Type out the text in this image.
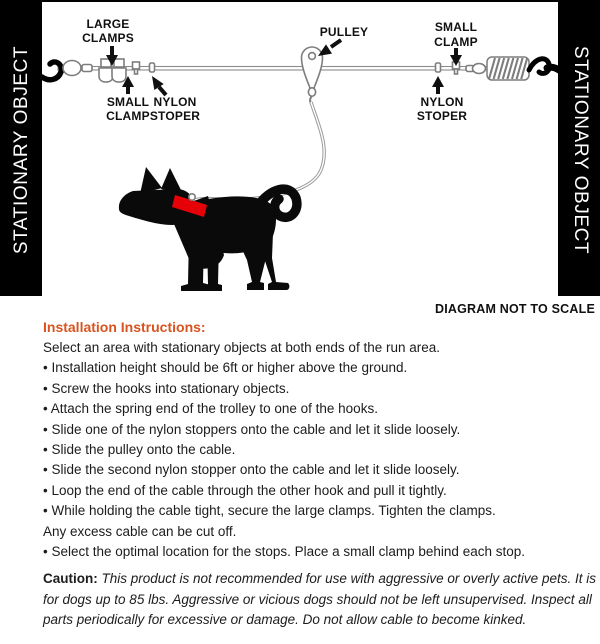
STATIONARY OBJECT	STATIONARY OBJECT
LARGE
CLAMPS
SMALL
CLAMP
NYLON
STOPER
PULLEY	SMALL
CLAMP
NYLON
STOPER
DIAGRAM NOT TO SCALE
Installation Instructions:
Select an area with stationary objects at both ends of the run area.
• Installation height should be 6ft or higher above the ground.
• Screw the hooks into stationary objects.
• Attach the spring end of the trolley to one of the hooks.
• Slide one of the nylon stoppers onto the cable and let it slide loosely.
• Slide the pulley onto the cable.
• Slide the second nylon stopper onto the cable and let it slide loosely.
• Loop the end of the cable through the other hook and pull it tightly.
• While holding the cable tight, secure the large clamps. Tighten the clamps.
Any excess cable can be cut off.
• Select the optimal location for the stops. Place a small clamp behind each stop.

Caution: This product is not recommended for use with aggressive or overly active pets. It is for dogs up to 85 lbs. Aggressive or vicious dogs should not be left unsupervised. Inspect all parts periodically for excessive or damage. Do not allow cable to become kinked.
